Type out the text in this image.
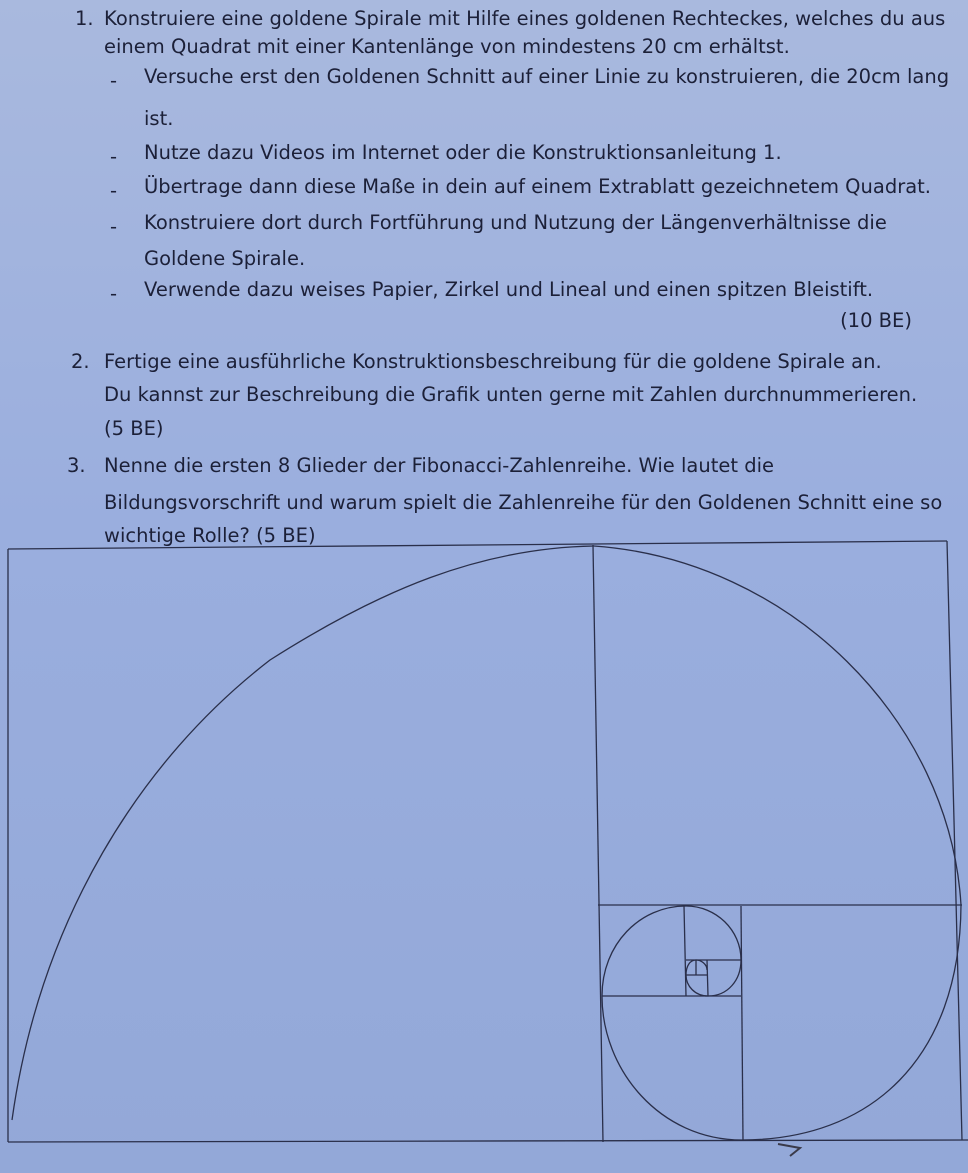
1. Konstruiere eine goldene Spirale mit Hilfe eines goldenen Rechteckes, welches du aus
einem Quadrat mit einer Kantenlänge von mindestens 20 cm erhältst.
- Versuche erst den Goldenen Schnitt auf einer Linie zu konstruieren, die 20cm lang
ist.
- Nutze dazu Videos im Internet oder die Konstruktionsanleitung 1.
- Übertrage dann diese Maße in dein auf einem Extrablatt gezeichnetem Quadrat.
- Konstruiere dort durch Fortführung und Nutzung der Längenverhältnisse die
Goldene Spirale.
- Verwende dazu weises Papier, Zirkel und Lineal und einen spitzen Bleistift.
(10 BE)
2. Fertige eine ausführliche Konstruktionsbeschreibung für die goldene Spirale an.
Du kannst zur Beschreibung die Grafik unten gerne mit Zahlen durchnummerieren.
(5 BE)
3. Nenne die ersten 8 Glieder der Fibonacci-Zahlenreihe. Wie lautet die
Bildungsvorschrift und warum spielt die Zahlenreihe für den Goldenen Schnitt eine so
wichtige Rolle? (5 BE)
